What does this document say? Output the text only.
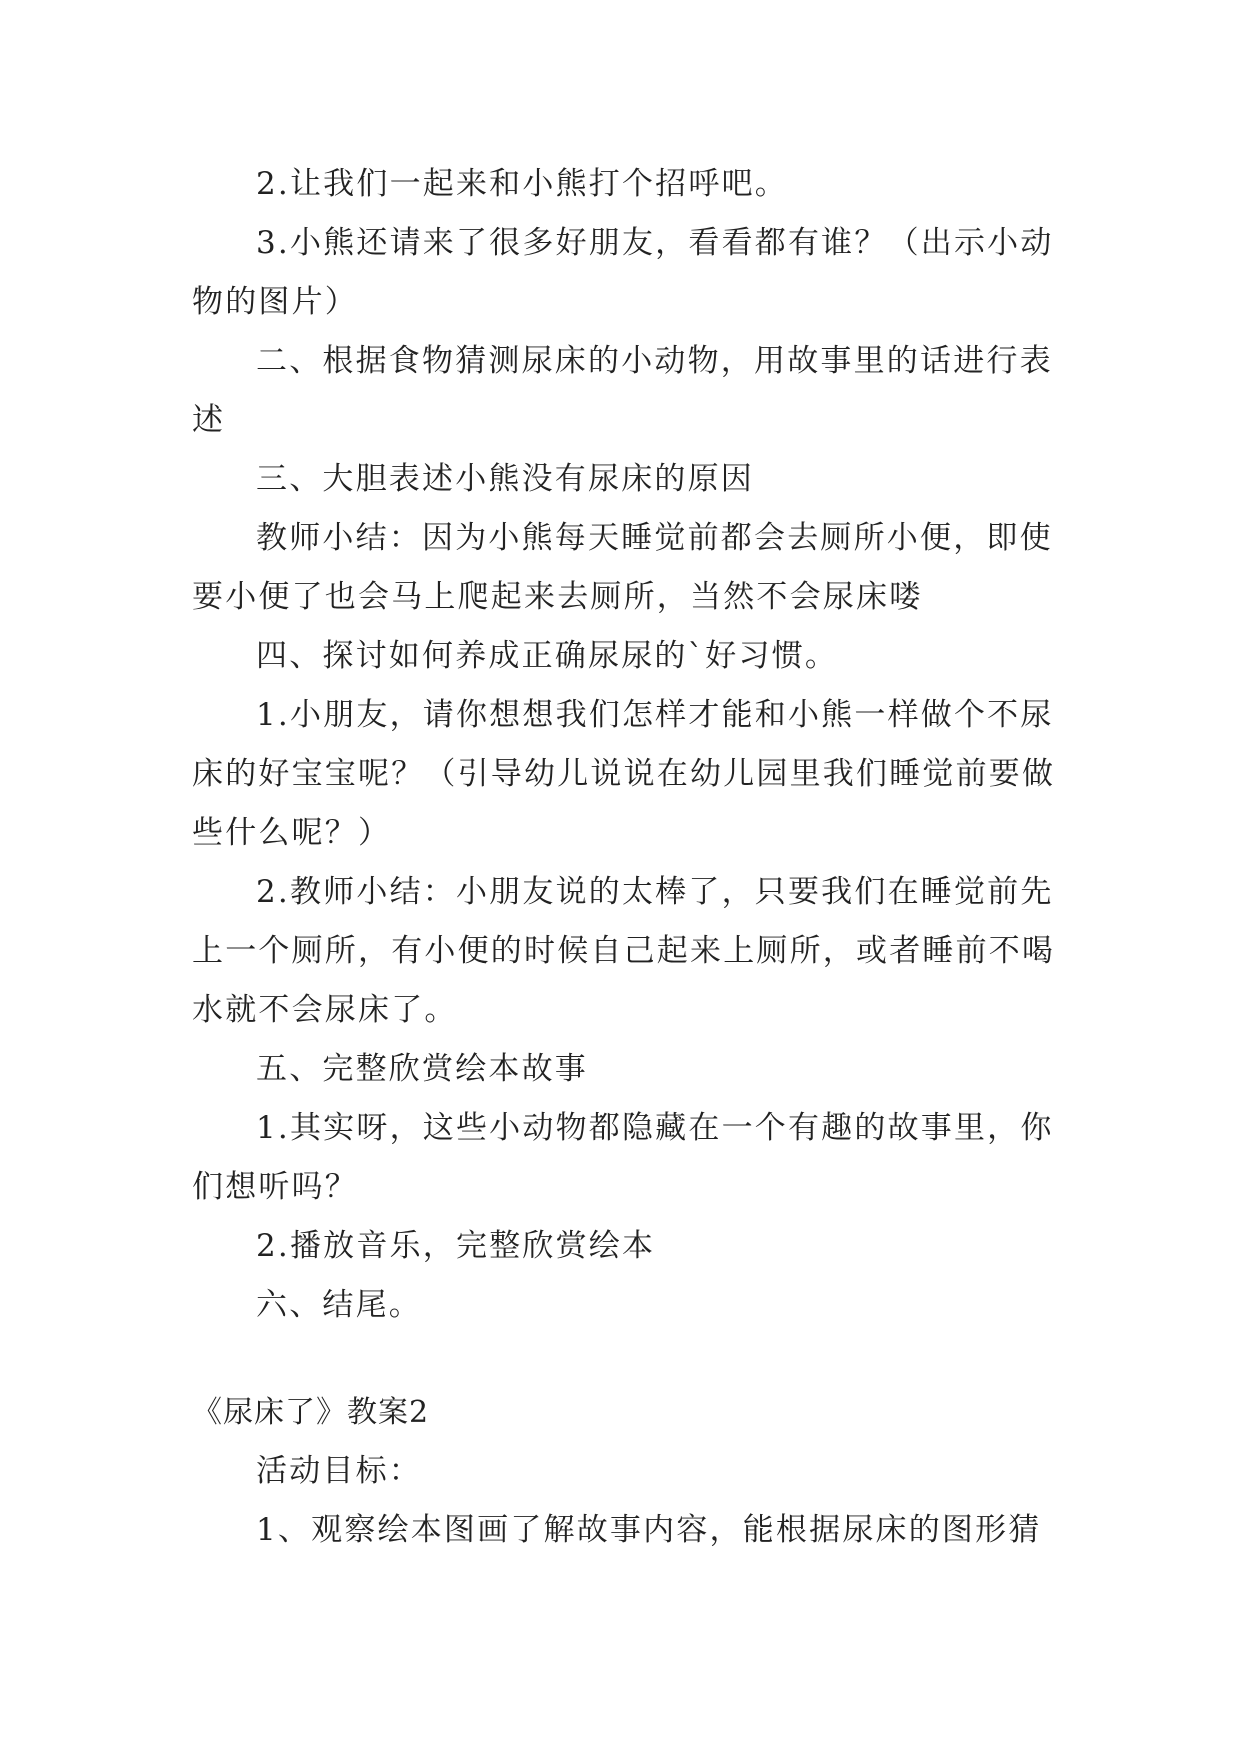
2.让我们一起来和小熊打个招呼吧。

3.小熊还请来了很多好朋友，看看都有谁？（出示小动物的图片）

二、根据食物猜测尿床的小动物，用故事里的话进行表述

三、大胆表述小熊没有尿床的原因

教师小结：因为小熊每天睡觉前都会去厕所小便，即使要小便了也会马上爬起来去厕所，当然不会尿床喽

四、探讨如何养成正确尿尿的`好习惯。

1.小朋友，请你想想我们怎样才能和小熊一样做个不尿床的好宝宝呢？（引导幼儿说说在幼儿园里我们睡觉前要做些什么呢？）

2.教师小结：小朋友说的太棒了，只要我们在睡觉前先上一个厕所，有小便的时候自己起来上厕所，或者睡前不喝水就不会尿床了。

五、完整欣赏绘本故事

1.其实呀，这些小动物都隐藏在一个有趣的故事里，你们想听吗？

2.播放音乐，完整欣赏绘本

六、结尾。

《尿床了》教案2

活动目标：

1、观察绘本图画了解故事内容，能根据尿床的图形猜
